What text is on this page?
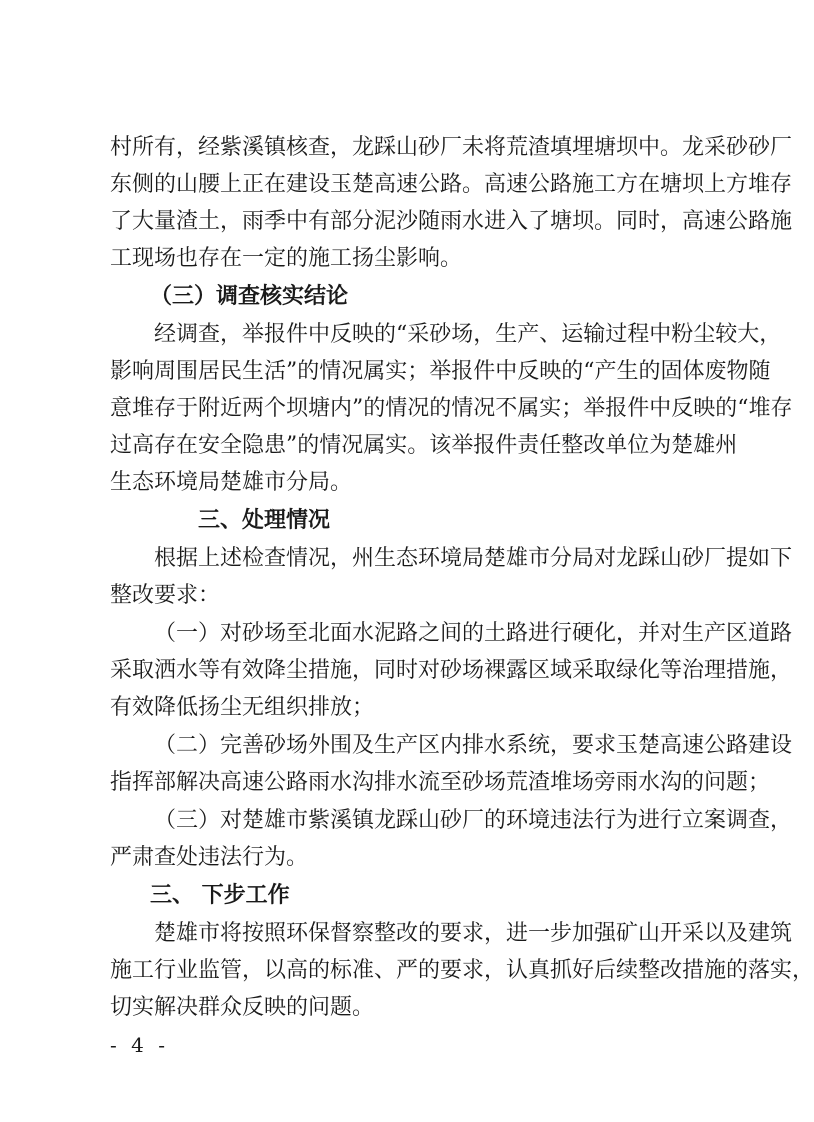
村所有，经紫溪镇核查，龙踩山砂厂未将荒渣填埋塘坝中。龙采砂砂厂
东侧的山腰上正在建设玉楚高速公路。高速公路施工方在塘坝上方堆存
了大量渣土，雨季中有部分泥沙随雨水进入了塘坝。同时，高速公路施
工现场也存在一定的施工扬尘影响。
（三）调查核实结论
经调查，举报件中反映的“采砂场，生产、运输过程中粉尘较大，
影响周围居民生活”的情况属实；举报件中反映的“产生的固体废物随
意堆存于附近两个坝塘内”的情况的情况不属实；举报件中反映的“堆存
过高存在安全隐患”的情况属实。该举报件责任整改单位为楚雄州
生态环境局楚雄市分局。
三、处理情况
根据上述检查情况，州生态环境局楚雄市分局对龙踩山砂厂提如下
整改要求：
（一）对砂场至北面水泥路之间的土路进行硬化，并对生产区道路
采取洒水等有效降尘措施，同时对砂场裸露区域采取绿化等治理措施，
有效降低扬尘无组织排放；
（二）完善砂场外围及生产区内排水系统，要求玉楚高速公路建设
指挥部解决高速公路雨水沟排水流至砂场荒渣堆场旁雨水沟的问题；
（三）对楚雄市紫溪镇龙踩山砂厂的环境违法行为进行立案调查，
严肃查处违法行为。
三、 下步工作
楚雄市将按照环保督察整改的要求，进一步加强矿山开采以及建筑
施工行业监管，以高的标准、严的要求，认真抓好后续整改措施的落实，
切实解决群众反映的问题。
- 4 -
